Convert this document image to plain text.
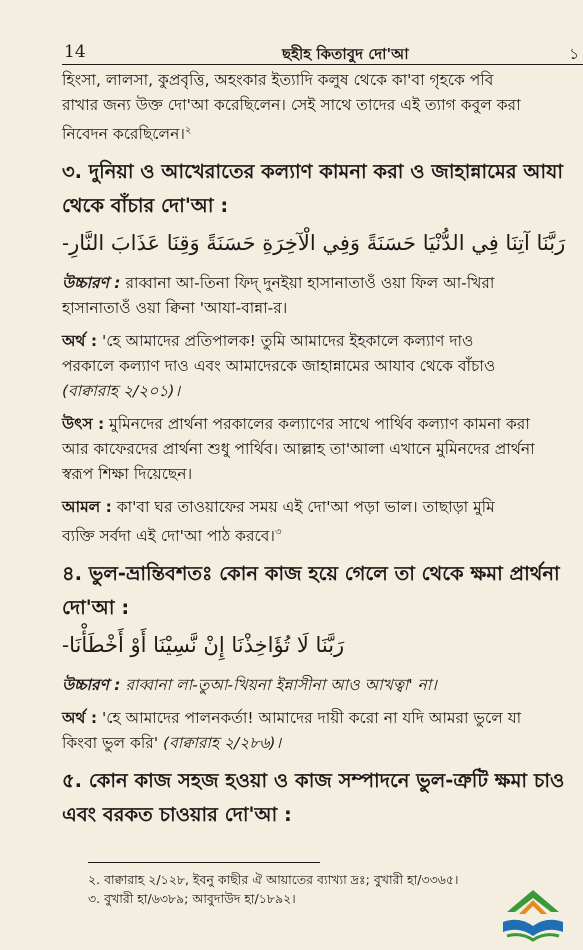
14	ছহীহ কিতাবুদ দো'আ	১

হিংসা, লালসা, কুপ্রবৃত্তি, অহংকার ইত্যাদি কলুষ থেকে কা'বা গৃহকে পবি

রাখার জন্য উক্ত দো'আ করেছিলেন। সেই সাথে তাদের এই ত্যাগ কবুল করা

নিবেদন করেছিলেন।$^২$

৩. দুনিয়া ও আখেরাতের কল্যাণ কামনা করা ও জাহান্নামের আযা

থেকে বাঁচার দো'আ :

رَبَّنَا آتِنَا فِي الدُّنْيَا حَسَنَةً وَفِي الْآخِرَةِ حَسَنَةً وَقِنَا عَذَابَ النَّارِ-

উচ্চারণ : রাব্বানা আ-তিনা ফিদ্ দুনইয়া হাসানাতাওঁ ওয়া ফিল আ-খিরা

হাসানাতাওঁ ওয়া ক্বিনা 'আযা-বান্না-র।

অর্থ : 'হে আমাদের প্রতিপালক! তুমি আমাদের ইহকালে কল্যাণ দাও

পরকালে কল্যাণ দাও এবং আমাদেরকে জাহান্নামের আযাব থেকে বাঁচাও

(বাক্বারাহ ২/২০১)।

উৎস : মুমিনদের প্রার্থনা পরকালের কল্যাণের সাথে পার্থিব কল্যাণ কামনা করা

আর কাফেরদের প্রার্থনা শুধু পার্থিব। আল্লাহ তা'আলা এখানে মুমিনদের প্রার্থনা

স্বরূপ শিক্ষা দিয়েছেন।

আমল : কা'বা ঘর তাওয়াফের সময় এই দো'আ পড়া ভাল। তাছাড়া মুমি

ব্যক্তি সর্বদা এই দো'আ পাঠ করবে।$^৩$

৪. ভুল-ভ্রান্তিবশতঃ কোন কাজ হয়ে গেলে তা থেকে ক্ষমা প্রার্থনা

দো'আ :

رَبَّنَا لَا تُؤَاخِذْنَا إِنْ نَّسِيْنَا أَوْ أَخْطَأْنَا-

উচ্চারণ : রাব্বানা লা-তুআ-খিয়না ইন্নাসীনা আও আখত্বা' না।

অর্থ : 'হে আমাদের পালনকর্তা! আমাদের দায়ী করো না যদি আমরা ভুলে যা

কিংবা ভুল করি' (বাক্বারাহ ২/২৮৬)।

৫. কোন কাজ সহজ হওয়া ও কাজ সম্পাদনে ভুল-ত্রুটি ক্ষমা চাও

এবং বরকত চাওয়ার দো'আ :

২. বাক্বারাহ ২/১২৮, ইবনু কাছীর ঐ আয়াতের ব্যাখ্যা দ্রঃ; বুখারী হা/৩৩৬৫।

৩. বুখারী হা/৬৩৮৯; আবুদাউদ হা/১৮৯২।
